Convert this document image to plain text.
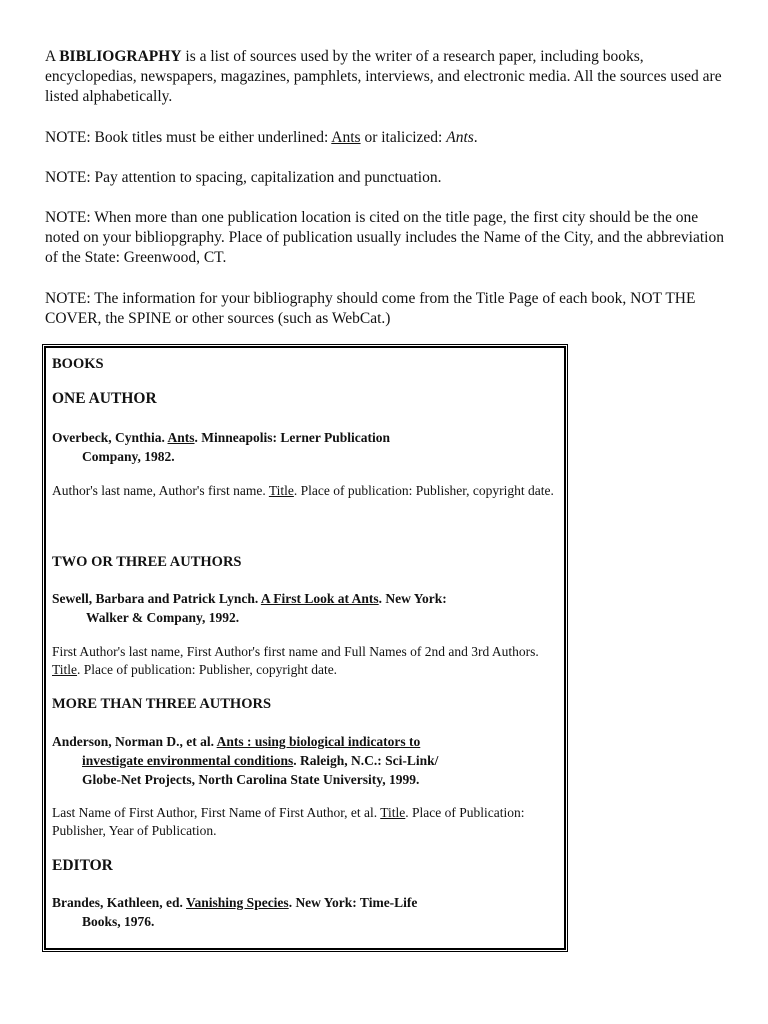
A BIBLIOGRAPHY is a list of sources used by the writer of a research paper, including books, encyclopedias, newspapers, magazines, pamphlets, interviews, and electronic media. All the sources used are listed alphabetically.

NOTE: Book titles must be either underlined: Ants or italicized: Ants.

NOTE: Pay attention to spacing, capitalization and punctuation.

NOTE: When more than one publication location is cited on the title page, the first city should be the one noted on your bibliopgraphy. Place of publication usually includes the Name of the City, and the abbreviation of the State: Greenwood, CT.

NOTE: The information for your bibliography should come from the Title Page of each book, NOT THE COVER, the SPINE or other sources (such as WebCat.)

BOOKS

ONE AUTHOR

Overbeck, Cynthia. Ants. Minneapolis: Lerner Publication
Company, 1982.

Author's last name, Author's first name. Title. Place of publication: Publisher, copyright date.

TWO OR THREE AUTHORS

Sewell, Barbara and Patrick Lynch. A First Look at Ants. New York:
Walker & Company, 1992.

First Author's last name, First Author's first name and Full Names of 2nd and 3rd Authors. Title. Place of publication: Publisher, copyright date.

MORE THAN THREE AUTHORS

Anderson, Norman D., et al. Ants : using biological indicators to
investigate environmental conditions. Raleigh, N.C.: Sci-Link/
Globe-Net Projects, North Carolina State University, 1999.

Last Name of First Author, First Name of First Author, et al. Title. Place of Publication: Publisher, Year of Publication.

EDITOR

Brandes, Kathleen, ed. Vanishing Species. New York: Time-Life
Books, 1976.
